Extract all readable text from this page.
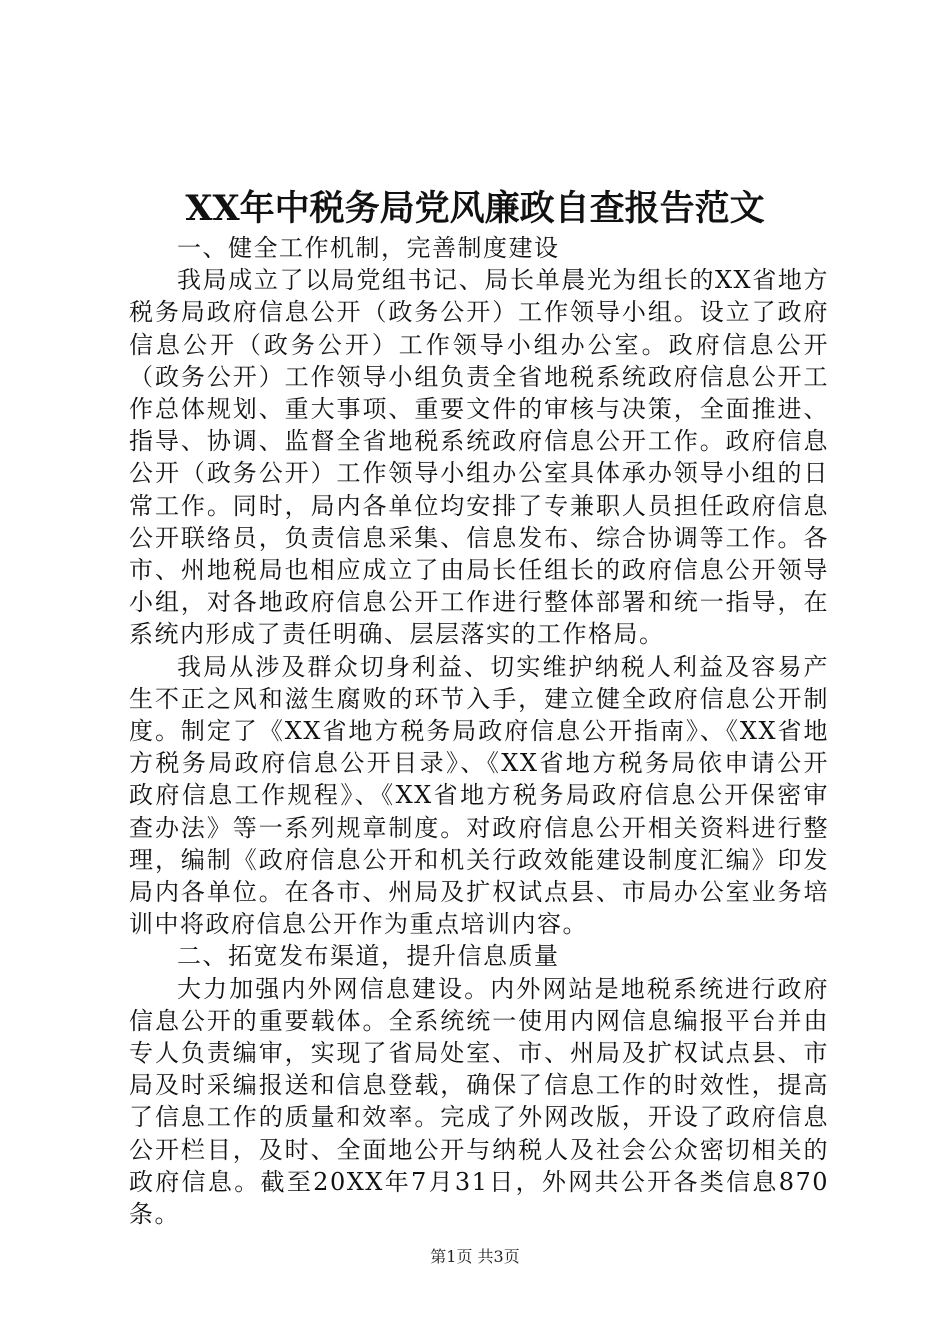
XX年中税务局党风廉政自查报告范文

一、健全工作机制，完善制度建设

我局成立了以局党组书记、局长单晨光为组长的XX省地方税务局政府信息公开（政务公开）工作领导小组。设立了政府信息公开（政务公开）工作领导小组办公室。政府信息公开（政务公开）工作领导小组负责全省地税系统政府信息公开工作总体规划、重大事项、重要文件的审核与决策，全面推进、指导、协调、监督全省地税系统政府信息公开工作。政府信息公开（政务公开）工作领导小组办公室具体承办领导小组的日常工作。同时，局内各单位均安排了专兼职人员担任政府信息公开联络员，负责信息采集、信息发布、综合协调等工作。各市、州地税局也相应成立了由局长任组长的政府信息公开领导小组，对各地政府信息公开工作进行整体部署和统一指导，在系统内形成了责任明确、层层落实的工作格局。

我局从涉及群众切身利益、切实维护纳税人利益及容易产生不正之风和滋生腐败的环节入手，建立健全政府信息公开制度。制定了《XX省地方税务局政府信息公开指南》、《XX省地方税务局政府信息公开目录》、《XX省地方税务局依申请公开政府信息工作规程》、《XX省地方税务局政府信息公开保密审查办法》等一系列规章制度。对政府信息公开相关资料进行整理，编制《政府信息公开和机关行政效能建设制度汇编》印发局内各单位。在各市、州局及扩权试点县、市局办公室业务培训中将政府信息公开作为重点培训内容。

二、拓宽发布渠道，提升信息质量

大力加强内外网信息建设。内外网站是地税系统进行政府信息公开的重要载体。全系统统一使用内网信息编报平台并由专人负责编审，实现了省局处室、市、州局及扩权试点县、市局及时采编报送和信息登载，确保了信息工作的时效性，提高了信息工作的质量和效率。完成了外网改版，开设了政府信息公开栏目，及时、全面地公开与纳税人及社会公众密切相关的政府信息。截至20XX年7月31日，外网共公开各类信息870条。

第1页 共3页
